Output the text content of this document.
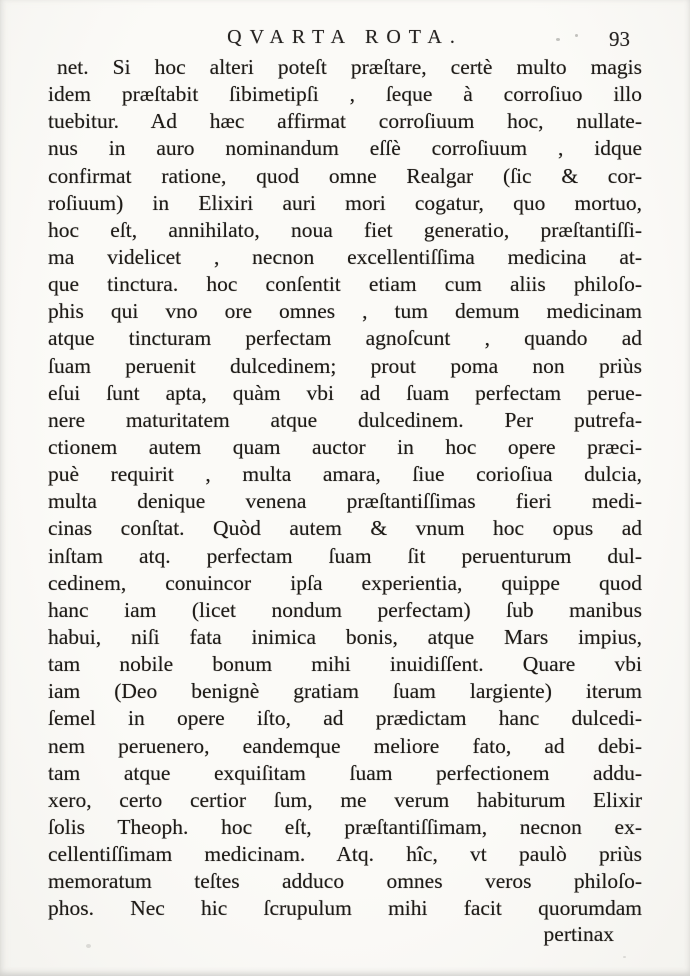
QVARTA ROTA.	93
net. Si hoc alteri poteſt præſtare, certè multo magis
idem præſtabit ſibimetipſi , ſeque à corroſiuo illo
tuebitur. Ad hæc affirmat corroſiuum hoc, nullate-
nus in auro nominandum eſſè corroſiuum , idque
confirmat ratione, quod omne Realgar (ſic & cor-
roſiuum) in Elixiri auri mori cogatur, quo mortuo,
hoc eſt, annihilato, noua fiet generatio, præſtantiſſi-
ma videlicet , necnon excellentiſſima medicina at-
que tinctura. hoc conſentit etiam cum aliis philoſo-
phis qui vno ore omnes , tum demum medicinam
atque tincturam perfectam agnoſcunt , quando ad
ſuam peruenit dulcedinem; prout poma non priùs
eſui ſunt apta, quàm vbi ad ſuam perfectam perue-
nere maturitatem atque dulcedinem. Per putrefa-
ctionem autem quam auctor in hoc opere præci-
puè requirit , multa amara, ſiue corioſiua dulcia,
multa denique venena præſtantiſſimas fieri medi-
cinas conſtat. Quòd autem & vnum hoc opus ad
inſtam atq. perfectam ſuam ſit peruenturum dul-
cedinem, conuincor ipſa experientia, quippe quod
hanc iam (licet nondum perfectam) ſub manibus
habui, niſi fata inimica bonis, atque Mars impius,
tam nobile bonum mihi inuidiſſent. Quare vbi
iam (Deo benignè gratiam ſuam largiente) iterum
ſemel in opere iſto, ad prædictam hanc dulcedi-
nem peruenero, eandemque meliore fato, ad debi-
tam atque exquiſitam ſuam perfectionem addu-
xero, certo certior ſum, me verum habiturum Elixir
ſolis Theoph. hoc eſt, præſtantiſſimam, necnon ex-
cellentiſſimam medicinam. Atq. hîc, vt paulò priùs
memoratum teſtes adduco omnes veros philoſo-
phos. Nec hic ſcrupulum mihi facit quorumdam
pertinax
